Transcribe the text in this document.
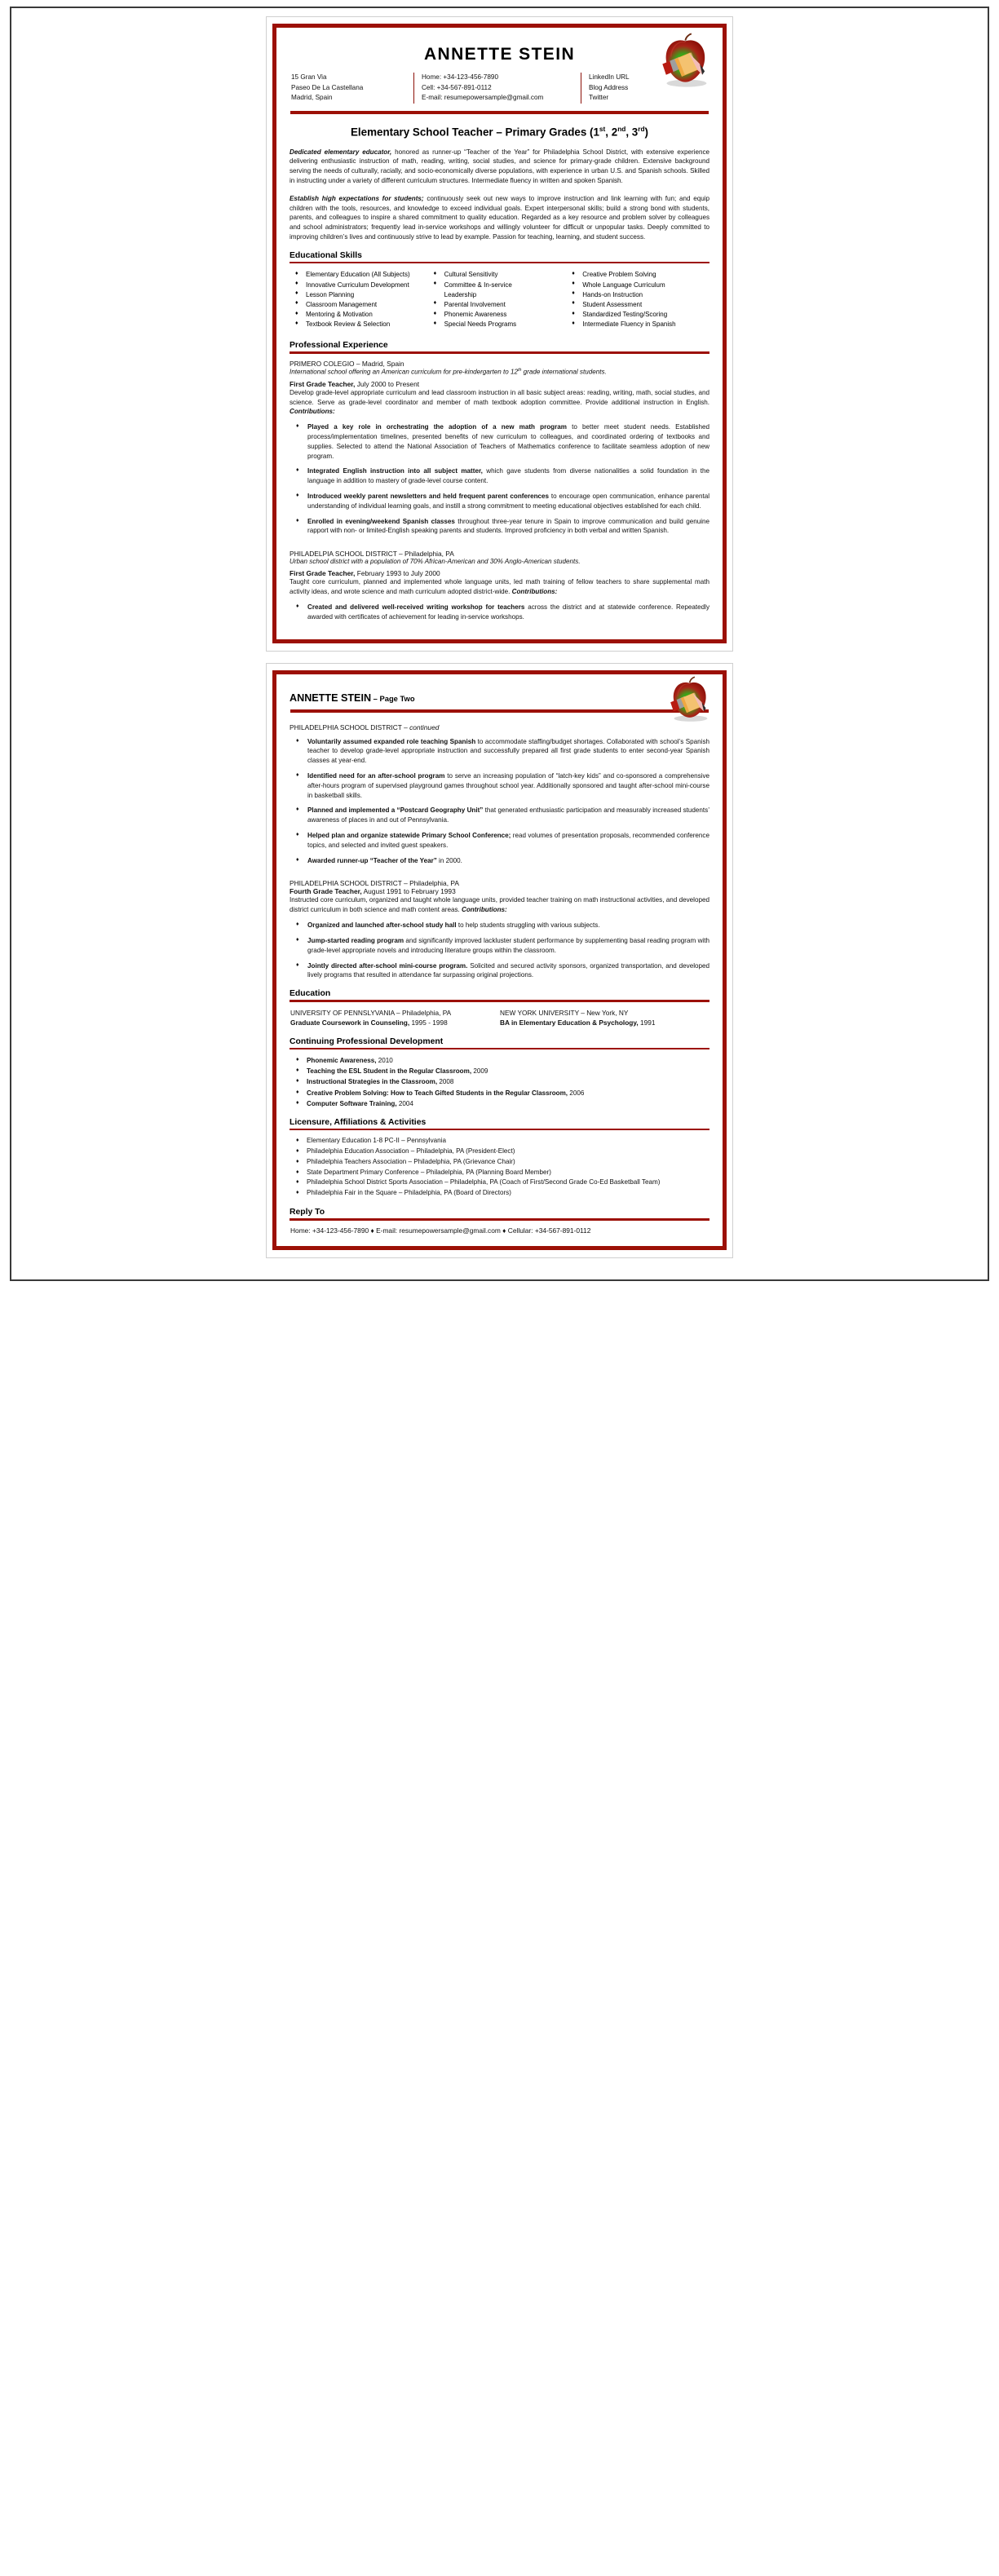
ANNETTE STEIN
15 Gran Via
Paseo De La Castellana
Madrid, Spain
Home: +34-123-456-7890
Cell: +34-567-891-0112
E-mail: resumepowersample@gmail.com
LinkedIn URL
Blog Address
Twitter
Elementary School Teacher – Primary Grades (1st, 2nd, 3rd)

Dedicated elementary educator, honored as runner-up “Teacher of the Year” for Philadelphia School District, with extensive experience delivering enthusiastic instruction of math, reading, writing, social studies, and science for primary-grade children. Extensive background serving the needs of culturally, racially, and socio-economically diverse populations, with experience in urban U.S. and Spanish schools. Skilled in instructing under a variety of different curriculum structures. Intermediate fluency in written and spoken Spanish.

Establish high expectations for students; continuously seek out new ways to improve instruction and link learning with fun; and equip children with the tools, resources, and knowledge to exceed individual goals. Expert interpersonal skills; build a strong bond with students, parents, and colleagues to inspire a shared commitment to quality education. Regarded as a key resource and problem solver by colleagues and school administrators; frequently lead in-service workshops and willingly volunteer for difficult or unpopular tasks. Deeply committed to improving children’s lives and continuously strive to lead by example. Passion for teaching, learning, and student success.

Educational Skills
♦ Elementary Education (All Subjects)
♦ Innovative Curriculum Development
♦ Lesson Planning
♦ Classroom Management
♦ Mentoring & Motivation
♦ Textbook Review & Selection
♦ Cultural Sensitivity
♦ Committee & In-service
Leadership
♦ Parental Involvement
♦ Phonemic Awareness
♦ Special Needs Programs
♦ Creative Problem Solving
♦ Whole Language Curriculum
♦ Hands-on Instruction
♦ Student Assessment
♦ Standardized Testing/Scoring
♦ Intermediate Fluency in Spanish
Professional Experience
PRIMERO COLEGIO – Madrid, Spain
International school offering an American curriculum for pre-kindergarten to 12th grade international students.
First Grade Teacher, July 2000 to Present

Develop grade-level appropriate curriculum and lead classroom instruction in all basic subject areas: reading, writing, math, social studies, and science. Serve as grade-level coordinator and member of math textbook adoption committee. Provide additional instruction in English. Contributions:

♦ Played a key role in orchestrating the adoption of a new math program to better meet student needs. Established process/implementation timelines, presented benefits of new curriculum to colleagues, and coordinated ordering of textbooks and supplies. Selected to attend the National Association of Teachers of Mathematics conference to facilitate seamless adoption of new program.
♦ Integrated English instruction into all subject matter, which gave students from diverse nationalities a solid foundation in the language in addition to mastery of grade-level course content.
♦ Introduced weekly parent newsletters and held frequent parent conferences to encourage open communication, enhance parental understanding of individual learning goals, and instill a strong commitment to meeting educational objectives established for each child.
♦ Enrolled in evening/weekend Spanish classes throughout three-year tenure in Spain to improve communication and build genuine rapport with non- or limited-English speaking parents and students. Improved proficiency in both verbal and written Spanish.
PHILADELPIA SCHOOL DISTRICT – Philadelphia, PA
Urban school district with a population of 70% African-American and 30% Anglo-American students.
First Grade Teacher, February 1993 to July 2000

Taught core curriculum, planned and implemented whole language units, led math training of fellow teachers to share supplemental math activity ideas, and wrote science and math curriculum adopted district-wide. Contributions:

♦ Created and delivered well-received writing workshop for teachers across the district and at statewide conference. Repeatedly awarded with certificates of achievement for leading in-service workshops.
ANNETTE STEIN – Page Two
PHILADELPHIA SCHOOL DISTRICT – continued
♦ Voluntarily assumed expanded role teaching Spanish to accommodate staffing/budget shortages. Collaborated with school’s Spanish teacher to develop grade-level appropriate instruction and successfully prepared all first grade students to enter second-year Spanish classes at year-end.
♦ Identified need for an after-school program to serve an increasing population of “latch-key kids” and co-sponsored a comprehensive after-hours program of supervised playground games throughout school year. Additionally sponsored and taught after-school mini-course in basketball skills.
♦ Planned and implemented a “Postcard Geography Unit” that generated enthusiastic participation and measurably increased students’ awareness of places in and out of Pennsylvania.
♦ Helped plan and organize statewide Primary School Conference; read volumes of presentation proposals, recommended conference topics, and selected and invited guest speakers.
♦ Awarded runner-up “Teacher of the Year” in 2000.
PHILADELPHIA SCHOOL DISTRICT – Philadelphia, PA
Fourth Grade Teacher, August 1991 to February 1993

Instructed core curriculum, organized and taught whole language units, provided teacher training on math instructional activities, and developed district curriculum in both science and math content areas. Contributions:

♦ Organized and launched after-school study hall to help students struggling with various subjects.
♦ Jump-started reading program and significantly improved lackluster student performance by supplementing basal reading program with grade-level appropriate novels and introducing literature groups within the classroom.
♦ Jointly directed after-school mini-course program. Solicited and secured activity sponsors, organized transportation, and developed lively programs that resulted in attendance far surpassing original projections.
Education
UNIVERSITY OF PENNSLYVANIA – Philadelphia, PA
Graduate Coursework in Counseling, 1995 - 1998
NEW YORK UNIVERSITY – New York, NY
BA in Elementary Education & Psychology, 1991
Continuing Professional Development
♦ Phonemic Awareness, 2010
♦ Teaching the ESL Student in the Regular Classroom, 2009
♦ Instructional Strategies in the Classroom, 2008
♦ Creative Problem Solving: How to Teach Gifted Students in the Regular Classroom, 2006
♦ Computer Software Training, 2004
Licensure, Affiliations & Activities
♦ Elementary Education 1-8 PC-II – Pennsylvania
♦ Philadelphia Education Association – Philadelphia, PA (President-Elect)
♦ Philadelphia Teachers Association – Philadelphia, PA (Grievance Chair)
♦ State Department Primary Conference – Philadelphia, PA (Planning Board Member)
♦ Philadelphia School District Sports Association – Philadelphia, PA (Coach of First/Second Grade Co-Ed Basketball Team)
♦ Philadelphia Fair in the Square – Philadelphia, PA (Board of Directors)
Reply To
Home: +34-123-456-7890 ♦ E-mail: resumepowersample@gmail.com ♦ Cellular: +34-567-891-0112
